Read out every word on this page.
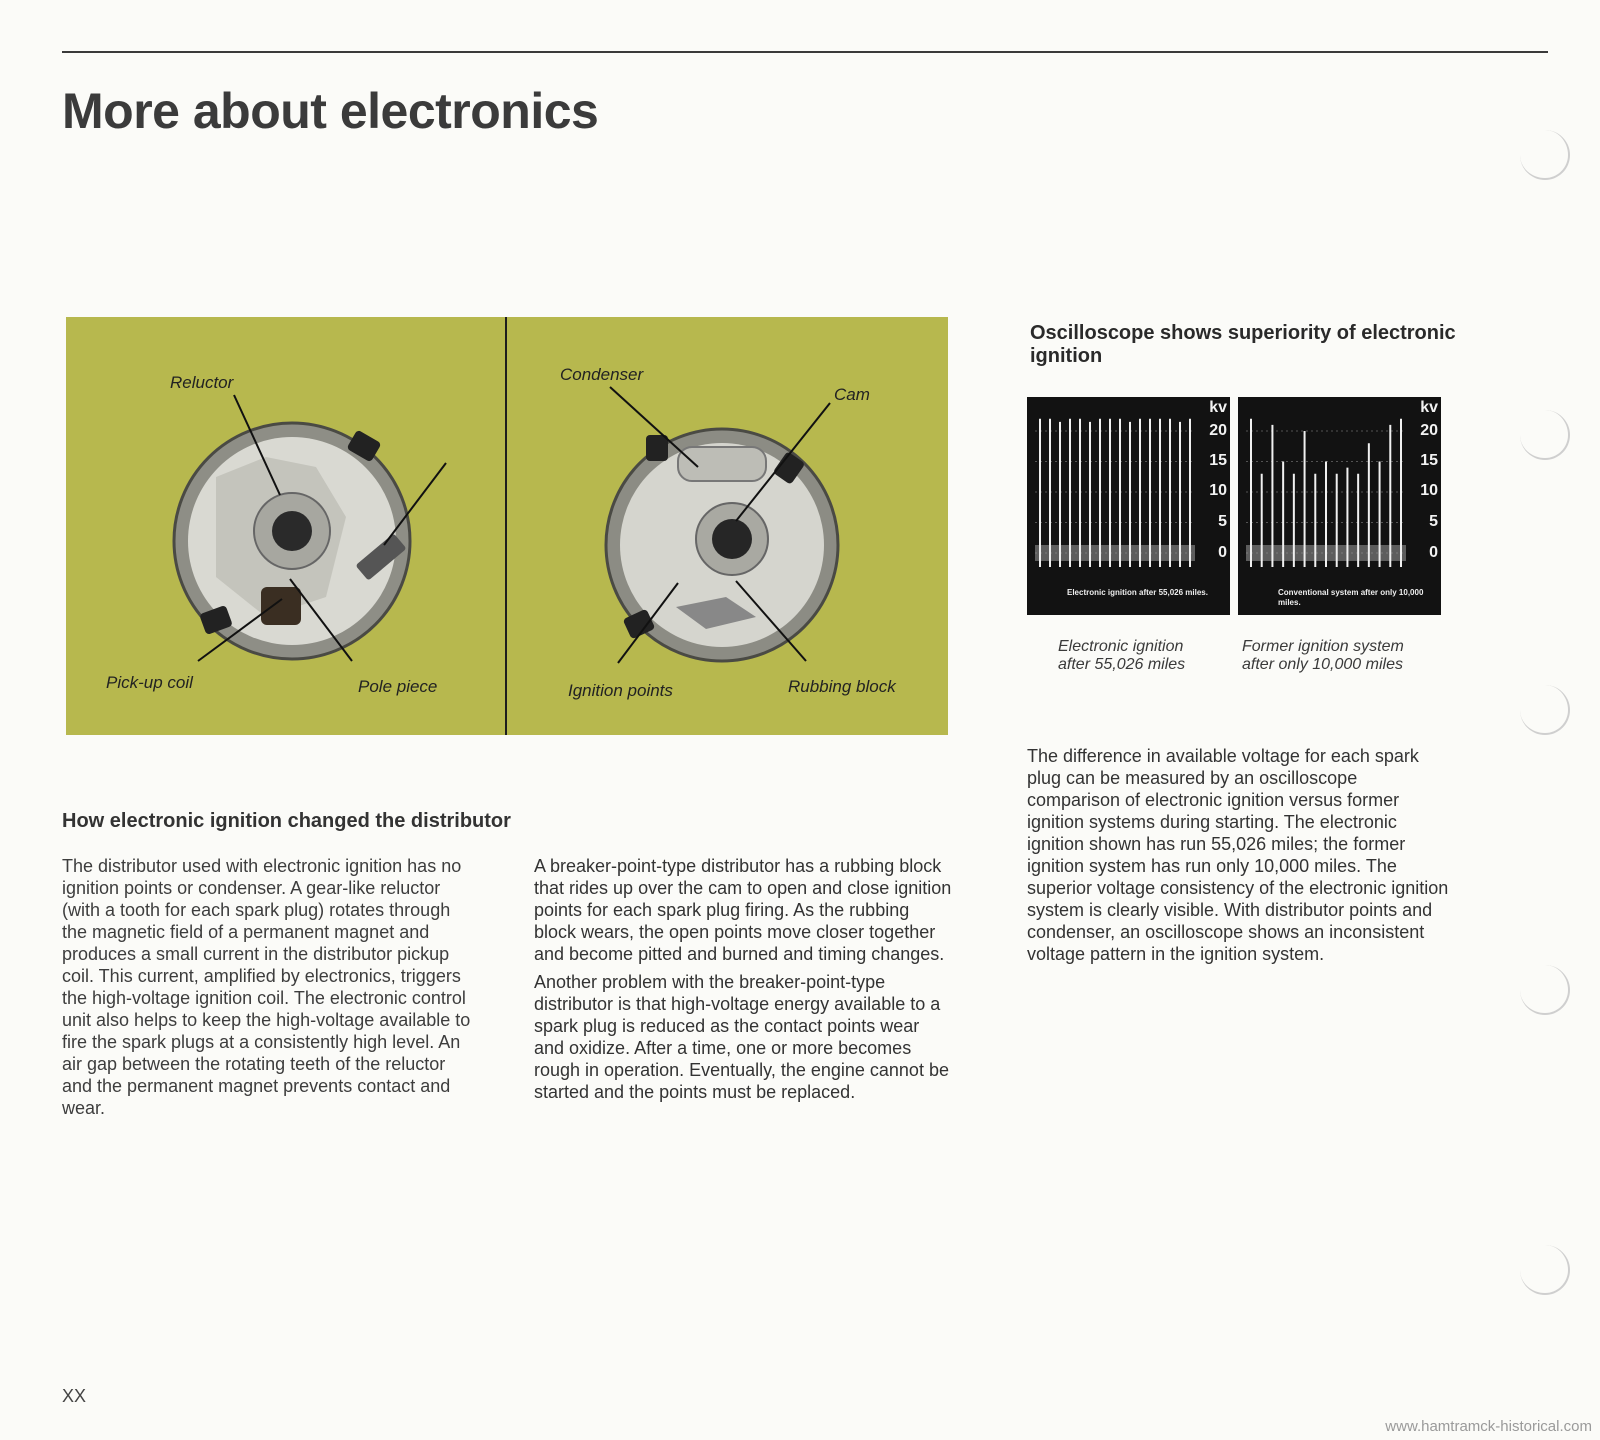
More about electronics
Reluctor
Pick-up coil	Pole piece
Condenser
Cam
Ignition points	Rubbing block
Oscilloscope shows superiority of electronic ignition
kv
20
15
10
5
0
Electronic ignition after 55,026 miles.
kv
20
15
10
5
0
Conventional system after only 10,000 miles.
Electronic ignition
after 55,026 miles
Former ignition system
after only 10,000 miles

The difference in available voltage for each spark plug can be measured by an oscilloscope comparison of electronic ignition versus former ignition systems during starting. The electronic ignition shown has run 55,026 miles; the former ignition system has run only 10,000 miles. The superior voltage consistency of the electronic ignition system is clearly visible. With distributor points and condenser, an oscilloscope shows an inconsistent voltage pattern in the ignition system.

How electronic ignition changed the distributor

The distributor used with electronic ignition has no ignition points or condenser. A gear-like reluctor (with a tooth for each spark plug) rotates through the magnetic field of a permanent magnet and produces a small current in the distributor pickup coil. This current, amplified by electronics, triggers the high-voltage ignition coil. The electronic control unit also helps to keep the high-voltage available to fire the spark plugs at a consistently high level. An air gap between the rotating teeth of the reluctor and the permanent magnet prevents contact and wear.

A breaker-point-type distributor has a rubbing block that rides up over the cam to open and close ignition points for each spark plug firing. As the rubbing block wears, the open points move closer together and become pitted and burned and timing changes.

Another problem with the breaker-point-type distributor is that high-voltage energy available to a spark plug is reduced as the contact points wear and oxidize. After a time, one or more becomes rough in operation. Eventually, the engine cannot be started and the points must be replaced.

XX
www.hamtramck-historical.com
